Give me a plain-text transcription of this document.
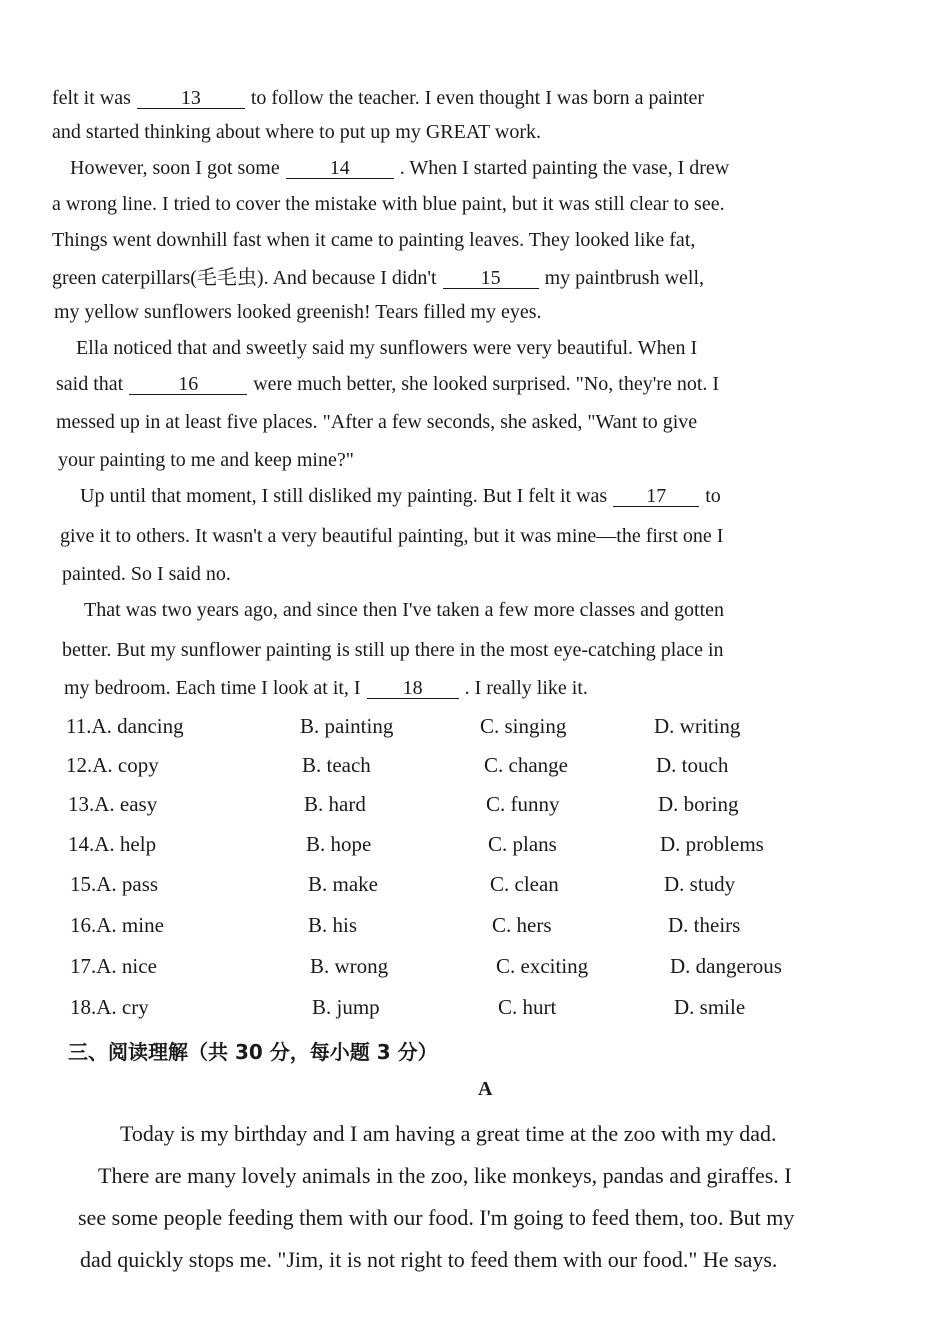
felt it was	13	to follow the teacher. I even thought I was born a painter
and started thinking about where to put up my GREAT work.
However, soon I got some	14	. When I started painting the vase, I drew
a wrong line. I tried to cover the mistake with blue paint, but it was still clear to see.
Things went downhill fast when it came to painting leaves. They looked like fat,
green caterpillars(毛毛虫). And because I didn't 15 my paintbrush well,
my yellow sunflowers looked greenish! Tears filled my eyes.
Ella noticed that and sweetly said my sunflowers were very beautiful. When I
said that	16	were much better, she looked surprised. "No, they're not. I
messed up in at least five places. "After a few seconds, she asked, "Want to give
your painting to me and keep mine?"
Up until that moment, I still disliked my painting. But I felt it was 17 to
give it to others. It wasn't a very beautiful painting, but it was mine—the first one I
painted. So I said no.
That was two years ago, and since then I've taken a few more classes and gotten
better. But my sunflower painting is still up there in the most eye-catching place in
my bedroom. Each time I look at it, I 18 . I really like it.
11.A. dancing	B. painting	C. singing	D. writing
12.A. copy	B. teach	C. change	D. touch
13.A. easy	B. hard	C. funny	D. boring
14.A. help	B. hope	C. plans	D. problems
15.A. pass	B. make	C. clean	D. study
16.A. mine	B. his	C. hers	D. theirs
17.A. nice	B. wrong	C. exciting	D. dangerous
18.A. cry	B. jump	C. hurt	D. smile
三、阅读理解（共 30 分，每小题 3 分）
A
Today is my birthday and I am having a great time at the zoo with my dad.
There are many lovely animals in the zoo, like monkeys, pandas and giraffes. I
see some people feeding them with our food. I'm going to feed them, too. But my
dad quickly stops me. "Jim, it is not right to feed them with our food." He says.
